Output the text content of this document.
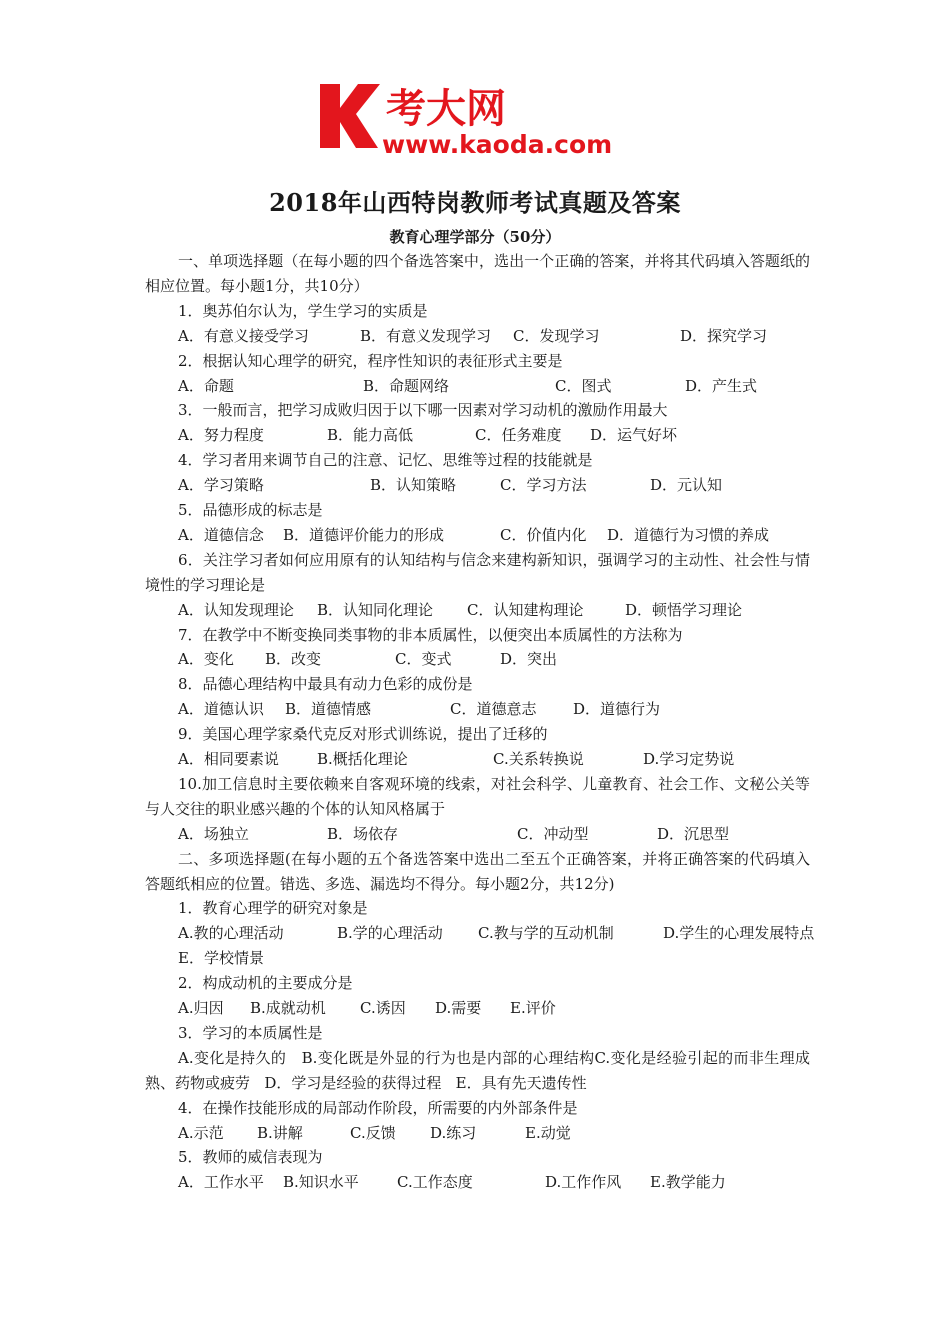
考大网
www.kaoda.com
2018年山西特岗教师考试真题及答案
教育心理学部分（50分）

一、单项选择题（在每小题的四个备选答案中，选出一个正确的答案，并将其代码填入答题纸的相应位置。每小题1分，共10分）

1．奥苏伯尔认为，学生学习的实质是

A．有意义接受学习	B．有意义发现学习 C．发现学习	D．探究学习

2．根据认知心理学的研究，程序性知识的表征形式主要是

A．命题	B．命题网络	C．图式	D．产生式

3．一般而言，把学习成败归因于以下哪一因素对学习动机的激励作用最大

A．努力程度	B．能力高低	C．任务难度 D．运气好坏

4．学习者用来调节自己的注意、记忆、思维等过程的技能就是

A．学习策略	B．认知策略	C．学习方法	D．元认知

5．品德形成的标志是

A．道德信念 B．道德评价能力的形成	C．价值内化 D．道德行为习惯的养成

6．关注学习者如何应用原有的认知结构与信念来建构新知识，强调学习的主动性、社会性与情境性的学习理论是

A．认知发现理论 B．认知同化理论 C．认知建构理论	D．顿悟学习理论

7．在教学中不断变换同类事物的非本质属性，以便突出本质属性的方法称为

A．变化 B．改变	C．变式	D．突出

8．品德心理结构中最具有动力色彩的成份是

A．道德认识 B．道德情感	C．道德意志 D．道德行为

9．美国心理学家桑代克反对形式训练说，提出了迁移的

A．相同要素说	B.概括化理论	C.关系转换说	D.学习定势说

10.加工信息时主要依赖来自客观环境的线索，对社会科学、儿童教育、社会工作、文秘公关等与人交往的职业感兴趣的个体的认知风格属于

A．场独立	B．场依存	C．冲动型	D．沉思型

二、多项选择题(在每小题的五个备选答案中选出二至五个正确答案，并将正确答案的代码填入答题纸相应的位置。错选、多选、漏选均不得分。每小题2分，共12分)

1．教育心理学的研究对象是

A.教的心理活动	B.学的心理活动 C.教与学的互动机制	D.学生的心理发展特点

E．学校情景

2．构成动机的主要成分是

A.归因 B.成就动机 C.诱因 D.需要 E.评价

3．学习的本质属性是

A.变化是持久的 B.变化既是外显的行为也是内部的心理结构C.变化是经验引起的而非生理成熟、药物或疲劳 D．学习是经验的获得过程 E．具有先天遗传性

4．在操作技能形成的局部动作阶段，所需要的内外部条件是

A.示范 B.讲解	C.反馈 D.练习	E.动觉

5．教师的威信表现为

A．工作水平 B.知识水平	C.工作态度	D.工作作风 E.教学能力
